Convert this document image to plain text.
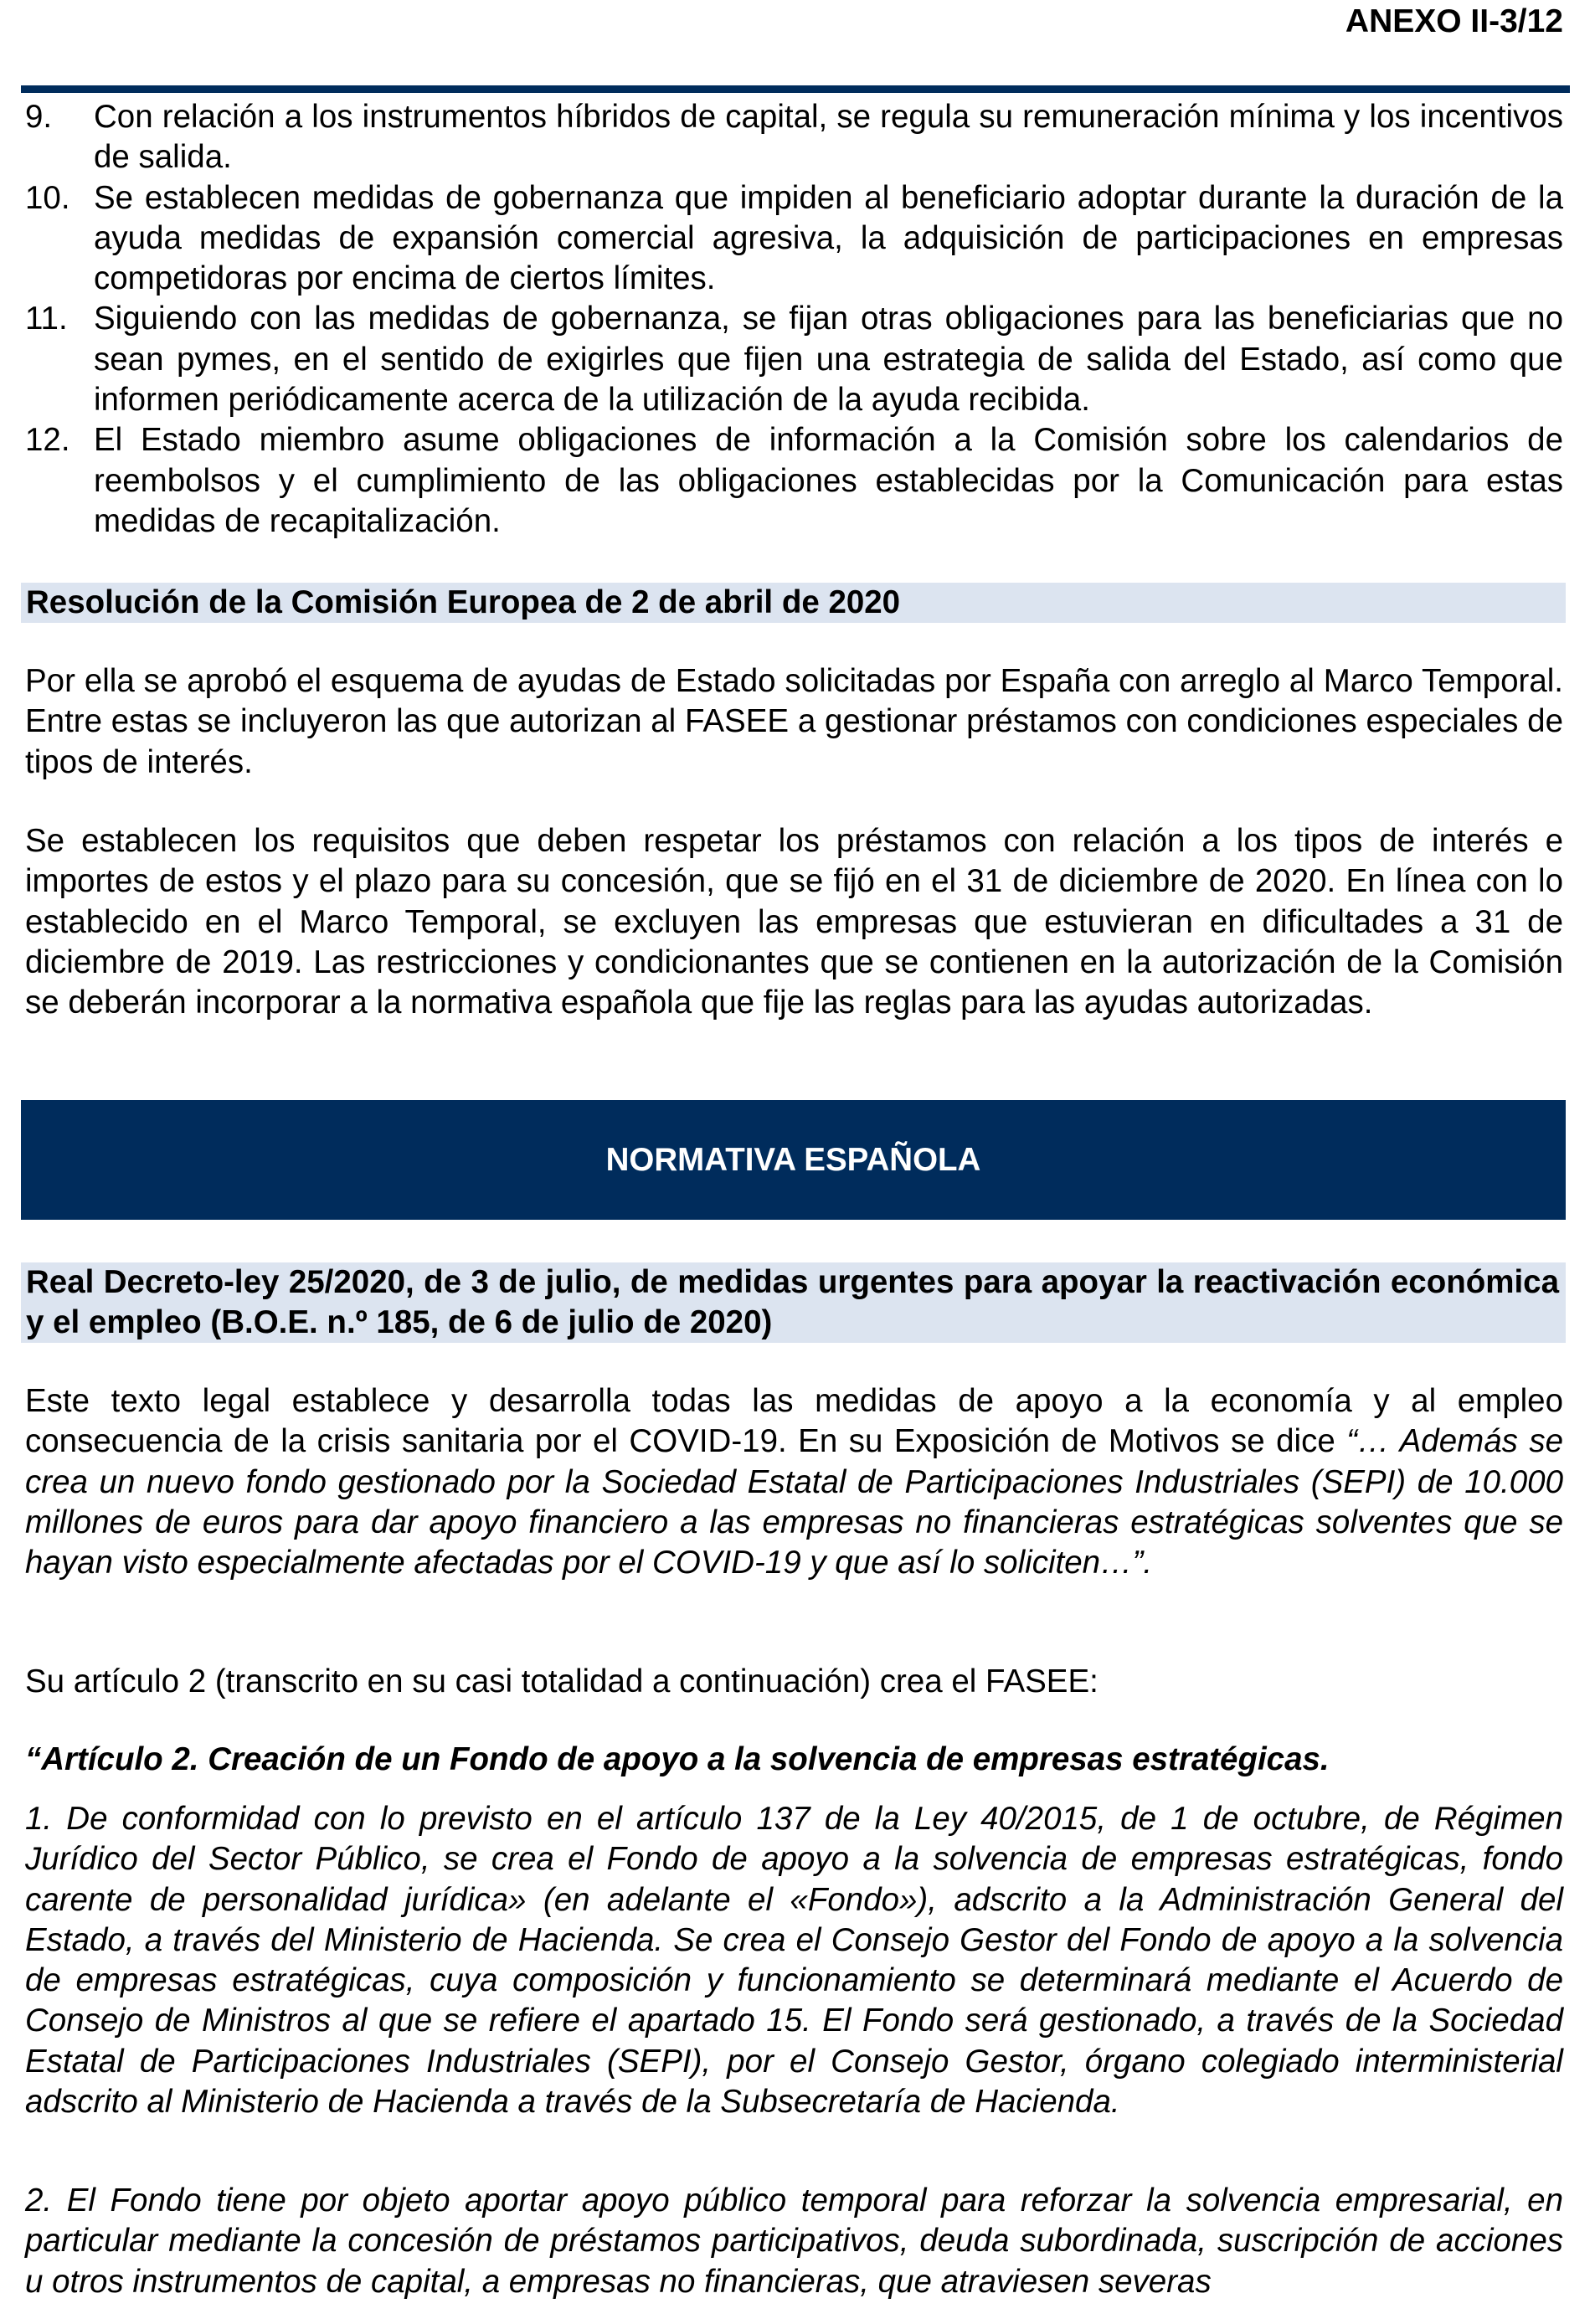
ANEXO II-3/12
9. Con relación a los instrumentos híbridos de capital, se regula su remuneración mínima y los incentivos de salida.
10. Se establecen medidas de gobernanza que impiden al beneficiario adoptar durante la duración de la ayuda medidas de expansión comercial agresiva, la adquisición de participaciones en empresas competidoras por encima de ciertos límites.
11. Siguiendo con las medidas de gobernanza, se fijan otras obligaciones para las beneficiarias que no sean pymes, en el sentido de exigirles que fijen una estrategia de salida del Estado, así como que informen periódicamente acerca de la utilización de la ayuda recibida.
12. El Estado miembro asume obligaciones de información a la Comisión sobre los calendarios de reembolsos y el cumplimiento de las obligaciones establecidas por la Comunicación para estas medidas de recapitalización.
Resolución de la Comisión Europea de 2 de abril de 2020
Por ella se aprobó el esquema de ayudas de Estado solicitadas por España con arreglo al Marco Temporal. Entre estas se incluyeron las que autorizan al FASEE a gestionar préstamos con condiciones especiales de tipos de interés.
Se establecen los requisitos que deben respetar los préstamos con relación a los tipos de interés e importes de estos y el plazo para su concesión, que se fijó en el 31 de diciembre de 2020. En línea con lo establecido en el Marco Temporal, se excluyen las empresas que estuvieran en dificultades a 31 de diciembre de 2019. Las restricciones y condicionantes que se contienen en la autorización de la Comisión se deberán incorporar a la normativa española que fije las reglas para las ayudas autorizadas.
NORMATIVA ESPAÑOLA
Real Decreto-ley 25/2020, de 3 de julio, de medidas urgentes para apoyar la reactivación económica y el empleo (B.O.E. n.º 185, de 6 de julio de 2020)
Este texto legal establece y desarrolla todas las medidas de apoyo a la economía y al empleo consecuencia de la crisis sanitaria por el COVID-19. En su Exposición de Motivos se dice “… Además se crea un nuevo fondo gestionado por la Sociedad Estatal de Participaciones Industriales (SEPI) de 10.000 millones de euros para dar apoyo financiero a las empresas no financieras estratégicas solventes que se hayan visto especialmente afectadas por el COVID-19 y que así lo soliciten…”.
Su artículo 2 (transcrito en su casi totalidad a continuación) crea el FASEE:
“Artículo 2. Creación de un Fondo de apoyo a la solvencia de empresas estratégicas.
1. De conformidad con lo previsto en el artículo 137 de la Ley 40/2015, de 1 de octubre, de Régimen Jurídico del Sector Público, se crea el Fondo de apoyo a la solvencia de empresas estratégicas, fondo carente de personalidad jurídica» (en adelante el «Fondo»), adscrito a la Administración General del Estado, a través del Ministerio de Hacienda. Se crea el Consejo Gestor del Fondo de apoyo a la solvencia de empresas estratégicas, cuya composición y funcionamiento se determinará mediante el Acuerdo de Consejo de Ministros al que se refiere el apartado 15. El Fondo será gestionado, a través de la Sociedad Estatal de Participaciones Industriales (SEPI), por el Consejo Gestor, órgano colegiado interministerial adscrito al Ministerio de Hacienda a través de la Subsecretaría de Hacienda.
2. El Fondo tiene por objeto aportar apoyo público temporal para reforzar la solvencia empresarial, en particular mediante la concesión de préstamos participativos, deuda subordinada, suscripción de acciones u otros instrumentos de capital, a empresas no financieras, que atraviesen severas
